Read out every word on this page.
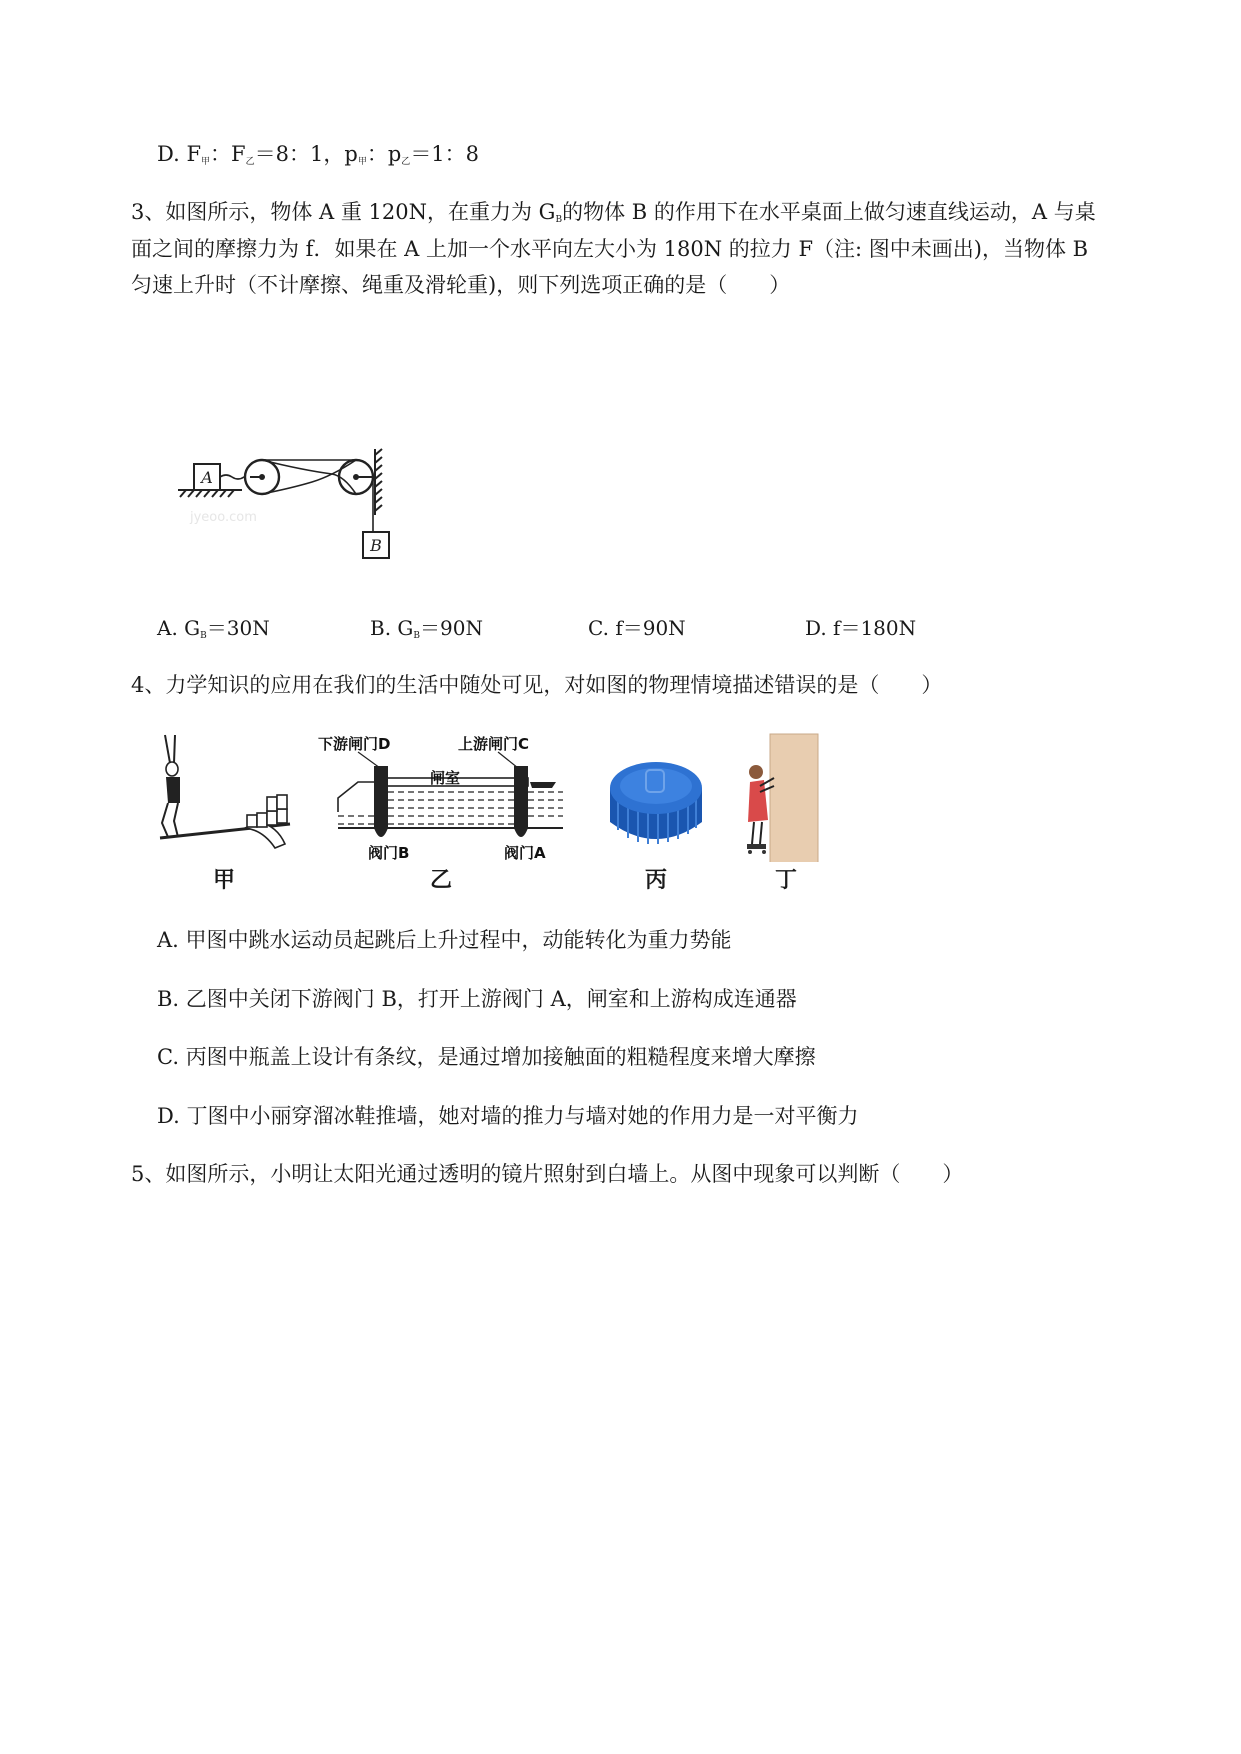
D. $F_甲$：$F_乙=8$：1，$p_甲$：$p_乙=1$：8
3、如图所示，物体 A 重 120N，在重力为 $G_B$的物体 B 的作用下在水平桌面上做匀速直线运动，A 与桌
面之间的摩擦力为 f．如果在 A 上加一个水平向左大小为 180N 的拉力 F（注: 图中未画出)，当物体 B
匀速上升时（不计摩擦、绳重及滑轮重)，则下列选项正确的是（　　）
A
B
jyeoo.com
A. $G_B=30N$	B. $G_B=90N$	C. f＝90N	D. f＝180N
4、力学知识的应用在我们的生活中随处可见，对如图的物理情境描述错误的是（　　）
甲
下游闸门D	上游闸门C
闸室
阀门B	阀门A
乙	丙	丁
A. 甲图中跳水运动员起跳后上升过程中，动能转化为重力势能
B. 乙图中关闭下游阀门 B，打开上游阀门 A，闸室和上游构成连通器
C. 丙图中瓶盖上设计有条纹，是通过增加接触面的粗糙程度来增大摩擦
D. 丁图中小丽穿溜冰鞋推墙，她对墙的推力与墙对她的作用力是一对平衡力
5、如图所示，小明让太阳光通过透明的镜片照射到白墙上。从图中现象可以判断（　　）
